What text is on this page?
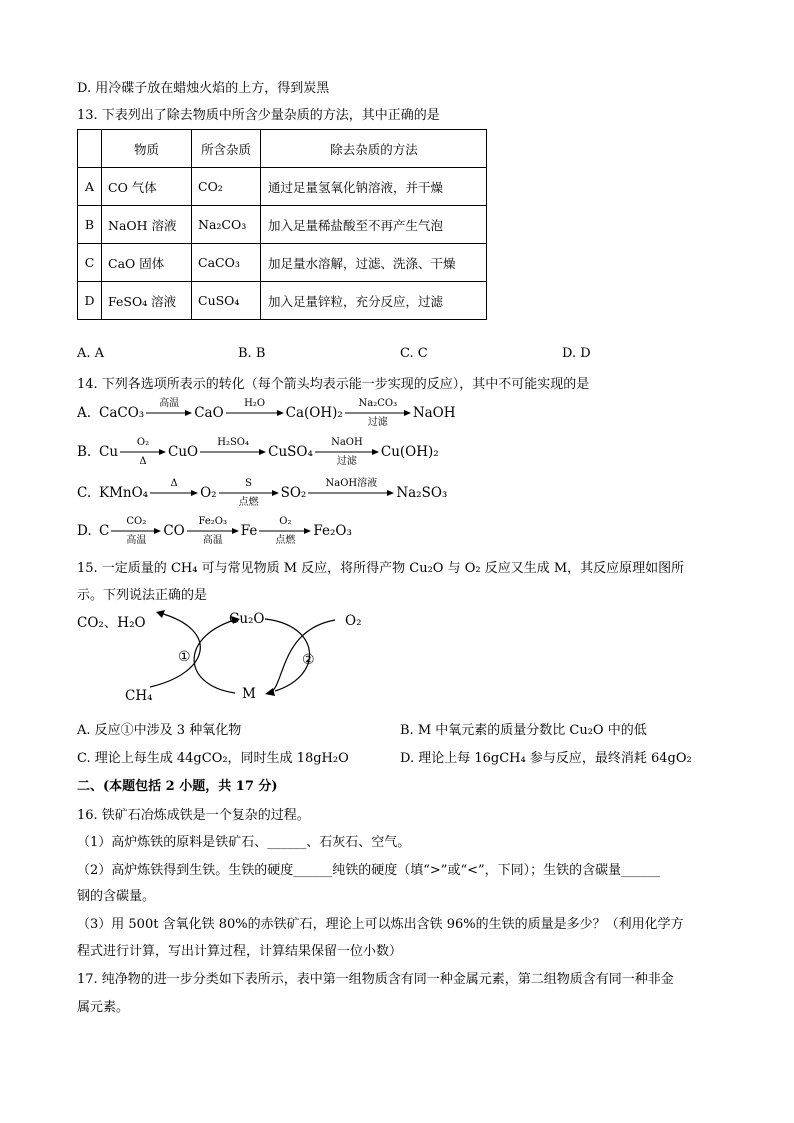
D. 用冷碟子放在蜡烛火焰的上方，得到炭黑
13. 下表列出了除去物质中所含少量杂质的方法，其中正确的是
	物质	所含杂质	除去杂质的方法
A	CO 气体	CO₂	通过足量氢氧化钠溶液，并干燥
B	NaOH 溶液	Na₂CO₃	加入足量稀盐酸至不再产生气泡
C	CaO 固体	CaCO₃	加足量水溶解，过滤、洗涤、干燥
D	FeSO₄ 溶液	CuSO₄	加入足量锌粒，充分反应，过滤
A. A	B. B	C. C	D. D
14. 下列各选项所表示的转化（每个箭头均表示能一步实现的反应），其中不可能实现的是
A. CaCO₃
高温
CaO
H₂O
Ca(OH)₂
Na₂CO₃
过滤
NaOH
B. Cu
O₂
Δ
CuO
H₂SO₄
CuSO₄
NaOH
过滤
Cu(OH)₂
C. KMnO₄
Δ
O₂
S
点燃
SO₂
NaOH溶液
Na₂SO₃
D. C
CO₂
高温
CO
Fe₂O₃
高温
Fe
O₂
点燃
Fe₂O₃
15. 一定质量的 CH₄ 可与常见物质 M 反应，将所得产物 Cu₂O 与 O₂ 反应又生成 M，其反应原理如图所
示。下列说法正确的是
CO₂、H₂O	Cu₂O	O₂
①	②
CH₄	M
A. 反应①中涉及 3 种氧化物	B. M 中氧元素的质量分数比 Cu₂O 中的低
C. 理论上每生成 44gCO₂，同时生成 18gH₂O	D. 理论上每 16gCH₄ 参与反应，最终消耗 64gO₂
二、(本题包括 2 小题，共 17 分)
16. 铁矿石冶炼成铁是一个复杂的过程。
（1）高炉炼铁的原料是铁矿石、______、石灰石、空气。
（2）高炉炼铁得到生铁。生铁的硬度______纯铁的硬度（填“>”或“<”，下同）；生铁的含碳量______
钢的含碳量。
（3）用 500t 含氧化铁 80%的赤铁矿石，理论上可以炼出含铁 96%的生铁的质量是多少？（利用化学方
程式进行计算，写出计算过程，计算结果保留一位小数）
17. 纯净物的进一步分类如下表所示，表中第一组物质含有同一种金属元素，第二组物质含有同一种非金
属元素。
